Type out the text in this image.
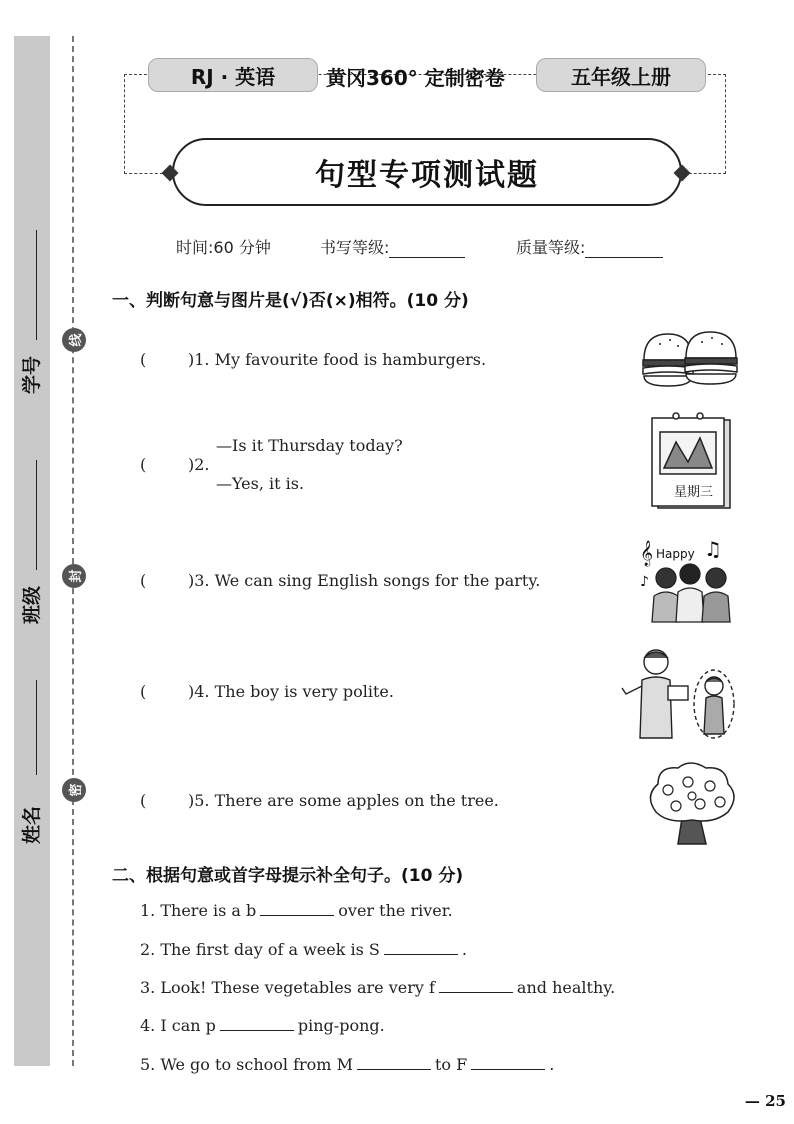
学号
班级
姓名
线
封
密
RJ · 英语	黄冈360° 定制密卷	五年级上册
句型专项测试题
时间:60 分钟	书写等级:	质量等级:
一、判断句意与图片是(√)否(×)相符。(10 分)
(	)1. My favourite food is hamburgers.
(	)2.
—Is it Thursday today?
—Yes, it is.
(	)3. We can sing English songs for the party.
(	)4. The boy is very polite.
(	)5. There are some apples on the tree.
星期三
Happy
𝄞	♫
♪
二、根据句意或首字母提示补全句子。(10 分)
1. There is a b	over the river.
2. The first day of a week is S	.
3. Look! These vegetables are very f	and healthy.
4. I can p	ping-pong.
5. We go to school from M	to F	.
— 25
